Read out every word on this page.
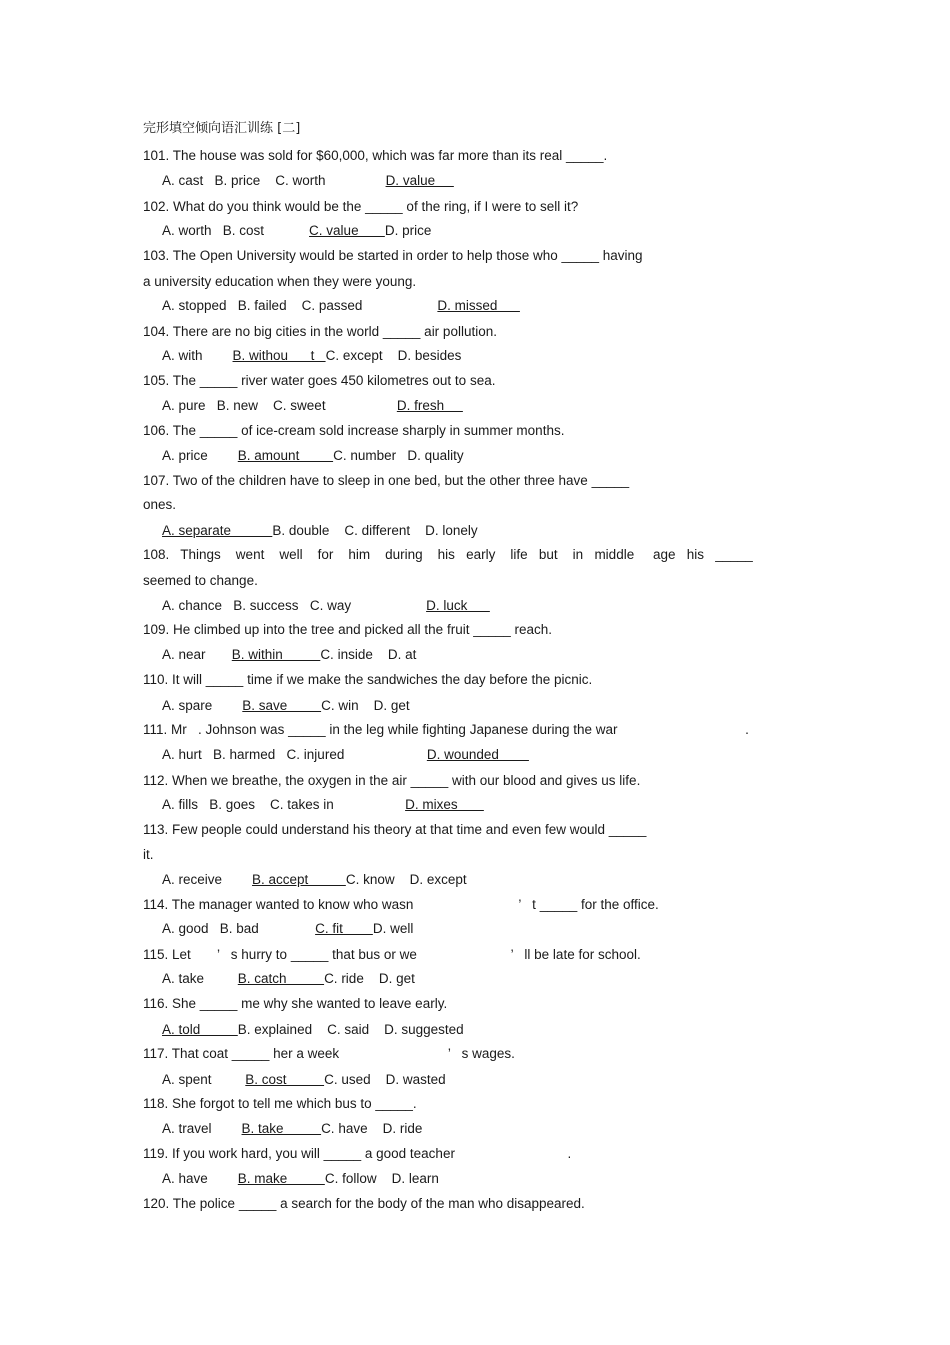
完形填空倾向语汇训练 [二]
101. The house was sold for $60,000, which was far more than its real _____.
A. cast   B. price    C. worth                D. value
102. What do you think would be the _____ of the ring, if I were to sell it?
A. worth   B. cost            C. value       D. price
103. The Open University would be started in order to help those who _____ having
a university education when they were young.
A. stopped   B. failed    C. passed                    D. missed
104. There are no big cities in the world _____ air pollution.
A. with        B. withou      t   C. except    D. besides
105. The _____ river water goes 450 kilometres out to sea.
A. pure   B. new    C. sweet                   D. fresh
106. The _____ of ice-cream sold increase sharply in summer months.
A. price        B. amount         C. number   D. quality
107. Two of the children have to sleep in one bed, but the other three have _____
ones.
A. separate           B. double    C. different    D. lonely
108.   Things    went    well    for    him    during    his   early    life   but    in   middle     age   his   _____
seemed to change.
A. chance   B. success   C. way                    D. luck
109. He climbed up into the tree and picked all the fruit _____ reach.
A. near       B. within          C. inside    D. at
110. It will _____ time if we make the sandwiches the day before the picnic.
A. spare        B. save         C. win    D. get
111. Mr   . Johnson was _____ in the leg while fighting Japanese during the war                                  .
A. hurt   B. harmed   C. injured                      D. wounded
112. When we breathe, the oxygen in the air _____ with our blood and gives us life.
A. fills   B. goes    C. takes in                   D. mixes
113. Few people could understand his theory at that time and even few would _____
it.
A. receive        B. accept          C. know    D. except
114. The manager wanted to know who wasn                            ’   t _____ for the office.
A. good   B. bad               C. fit        D. well
115. Let       ’   s hurry to _____ that bus or we                         ’   ll be late for school.
A. take         B. catch          C. ride    D. get
116. She _____ me why she wanted to leave early.
A. told          B. explained    C. said    D. suggested
117. That coat _____ her a week                             ’   s wages.
A. spent         B. cost          C. used    D. wasted
118. She forgot to tell me which bus to _____.
A. travel        B. take          C. have    D. ride
119. If you work hard, you will _____ a good teacher                              .
A. have        B. make          C. follow    D. learn
120. The police _____ a search for the body of the man who disappeared.
